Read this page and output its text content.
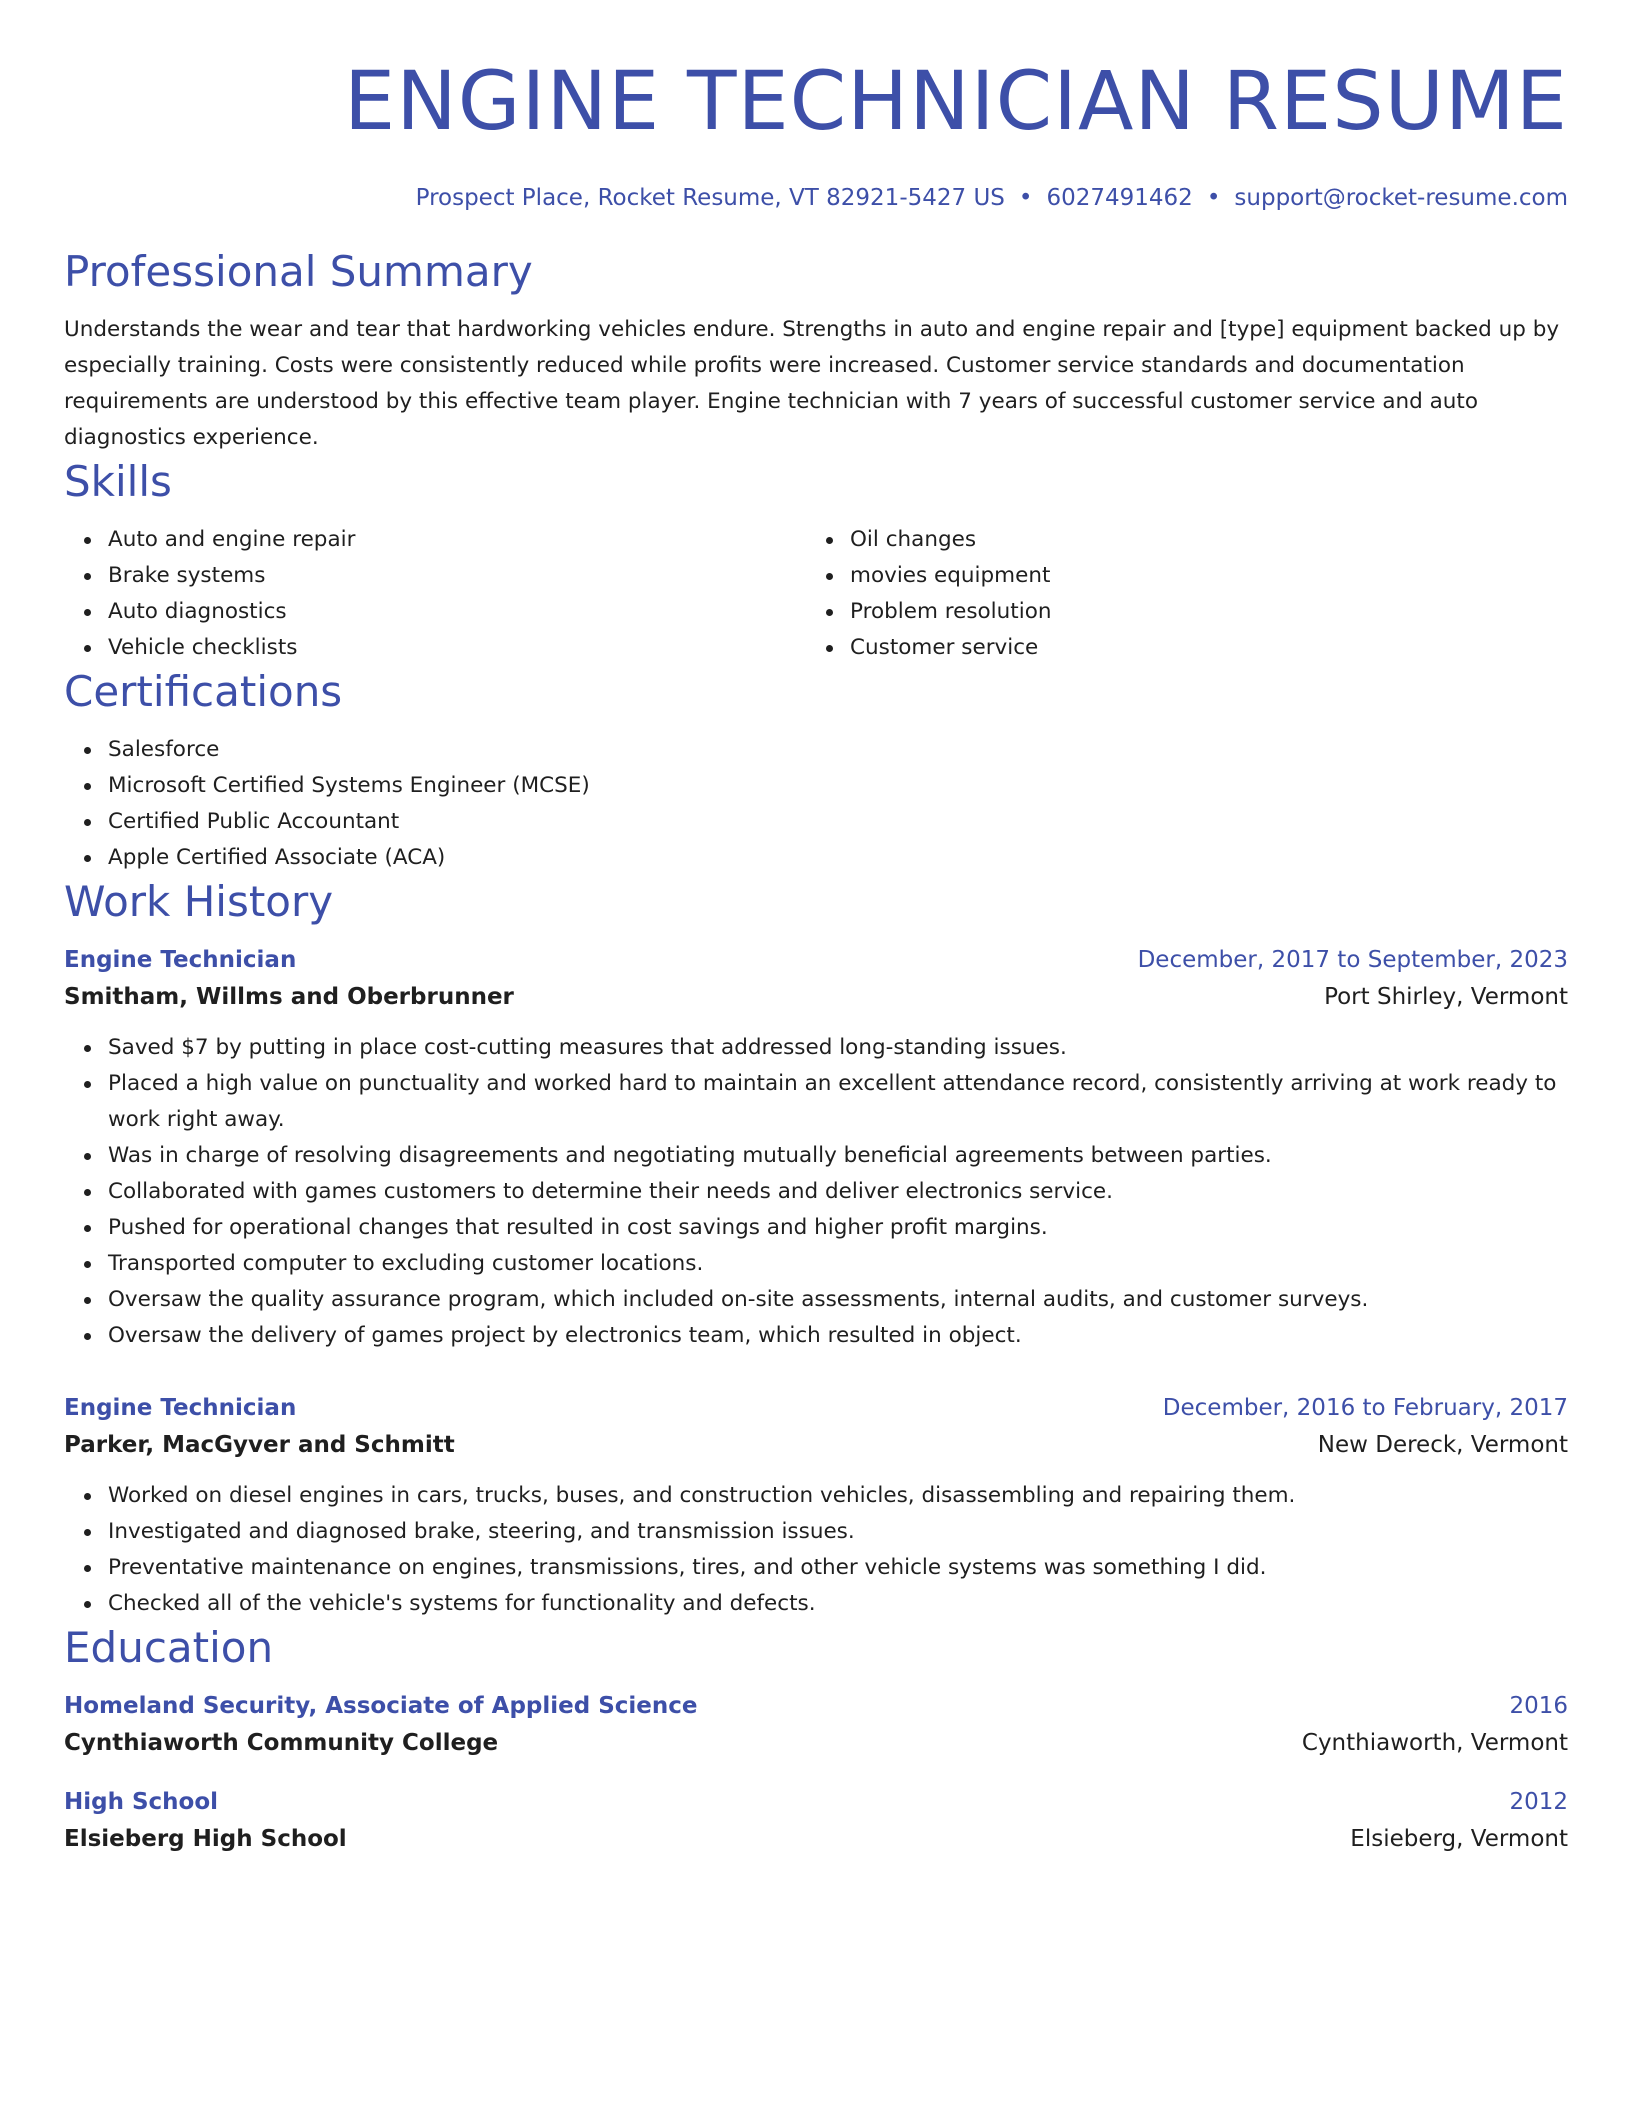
ENGINE TECHNICIAN RESUME
Prospect Place, Rocket Resume, VT 82921-5427 US • 6027491462 • support@rocket-resume.com
Professional Summary

Understands the wear and tear that hardworking vehicles endure. Strengths in auto and engine repair and [type] equipment backed up by especially training. Costs were consistently reduced while profits were increased. Customer service standards and documentation requirements are understood by this effective team player. Engine technician with 7 years of successful customer service and auto diagnostics experience.

Skills
Auto and engine repair
Brake systems
Auto diagnostics
Vehicle checklists
Oil changes
movies equipment
Problem resolution
Customer service
Certifications
Salesforce
Microsoft Certified Systems Engineer (MCSE)
Certified Public Accountant
Apple Certified Associate (ACA)
Work History
Engine Technician	December, 2017 to September, 2023
Smitham, Willms and Oberbrunner	Port Shirley, Vermont
Saved $7 by putting in place cost-cutting measures that addressed long-standing issues.
Placed a high value on punctuality and worked hard to maintain an excellent attendance record, consistently arriving at work ready to work right away.
Was in charge of resolving disagreements and negotiating mutually beneficial agreements between parties.
Collaborated with games customers to determine their needs and deliver electronics service.
Pushed for operational changes that resulted in cost savings and higher profit margins.
Transported computer to excluding customer locations.
Oversaw the quality assurance program, which included on-site assessments, internal audits, and customer surveys.
Oversaw the delivery of games project by electronics team, which resulted in object.
Engine Technician	December, 2016 to February, 2017
Parker, MacGyver and Schmitt	New Dereck, Vermont
Worked on diesel engines in cars, trucks, buses, and construction vehicles, disassembling and repairing them.
Investigated and diagnosed brake, steering, and transmission issues.
Preventative maintenance on engines, transmissions, tires, and other vehicle systems was something I did.
Checked all of the vehicle's systems for functionality and defects.
Education
Homeland Security, Associate of Applied Science	2016
Cynthiaworth Community College	Cynthiaworth, Vermont
High School	2012
Elsieberg High School	Elsieberg, Vermont
